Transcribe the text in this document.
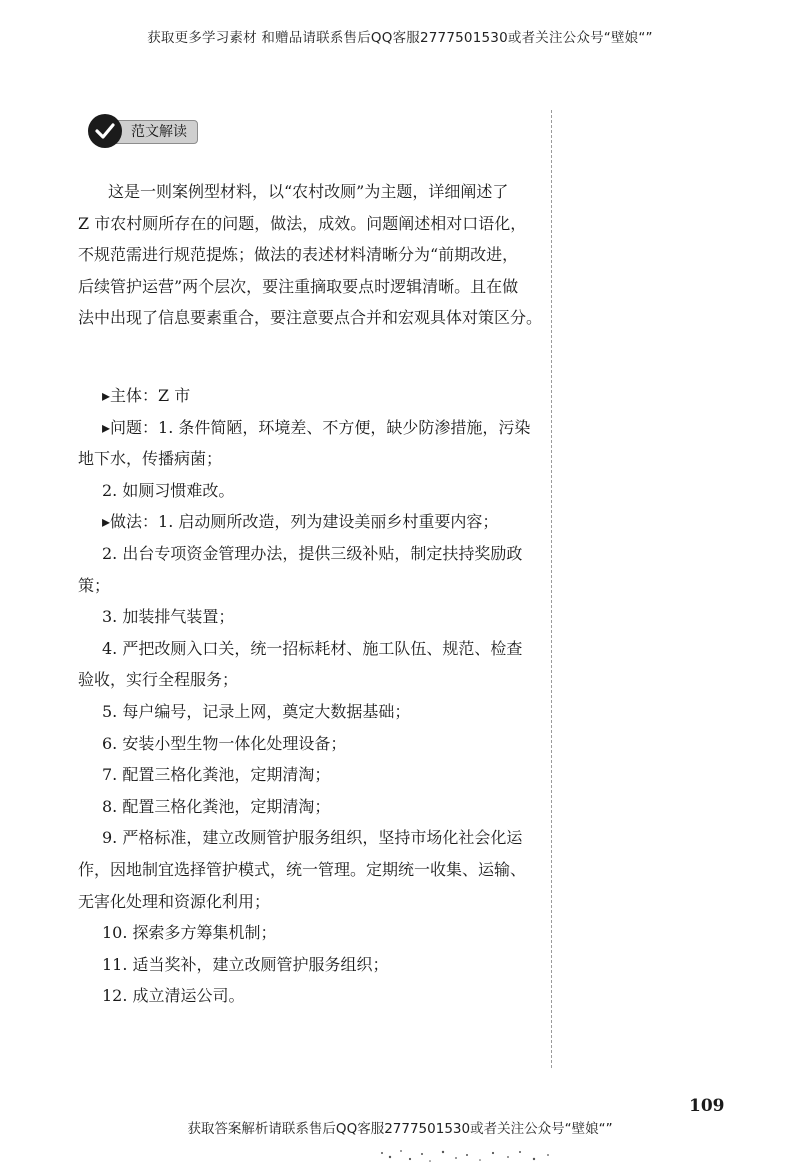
获取更多学习素材 和赠品请联系售后QQ客服2777501530或者关注公众号“壁娘“”
范文解读
这是一则案例型材料，以“农村改厕”为主题，详细阐述了
Z 市农村厕所存在的问题，做法，成效。问题阐述相对口语化，
不规范需进行规范提炼；做法的表述材料清晰分为“前期改进，
后续管护运营”两个层次，要注重摘取要点时逻辑清晰。且在做
法中出现了信息要素重合，要注意要点合并和宏观具体对策区分。
▸主体：Z 市
▸问题：1. 条件简陋，环境差、不方便，缺少防渗措施，污染
地下水，传播病菌；
2. 如厕习惯难改。
▸做法：1. 启动厕所改造，列为建设美丽乡村重要内容；
2. 出台专项资金管理办法，提供三级补贴，制定扶持奖励政
策；
3. 加装排气装置；
4. 严把改厕入口关，统一招标耗材、施工队伍、规范、检查
验收，实行全程服务；
5. 每户编号，记录上网，奠定大数据基础；
6. 安装小型生物一体化处理设备；
7. 配置三格化粪池，定期清淘；
8. 配置三格化粪池，定期清淘；
9. 严格标准，建立改厕管护服务组织，坚持市场化社会化运
作，因地制宜选择管护模式，统一管理。定期统一收集、运输、
无害化处理和资源化利用；
10. 探索多方筹集机制；
11. 适当奖补，建立改厕管护服务组织；
12. 成立清运公司。
109
获取答案解析请联系售后QQ客服2777501530或者关注公众号“壁娘“”
